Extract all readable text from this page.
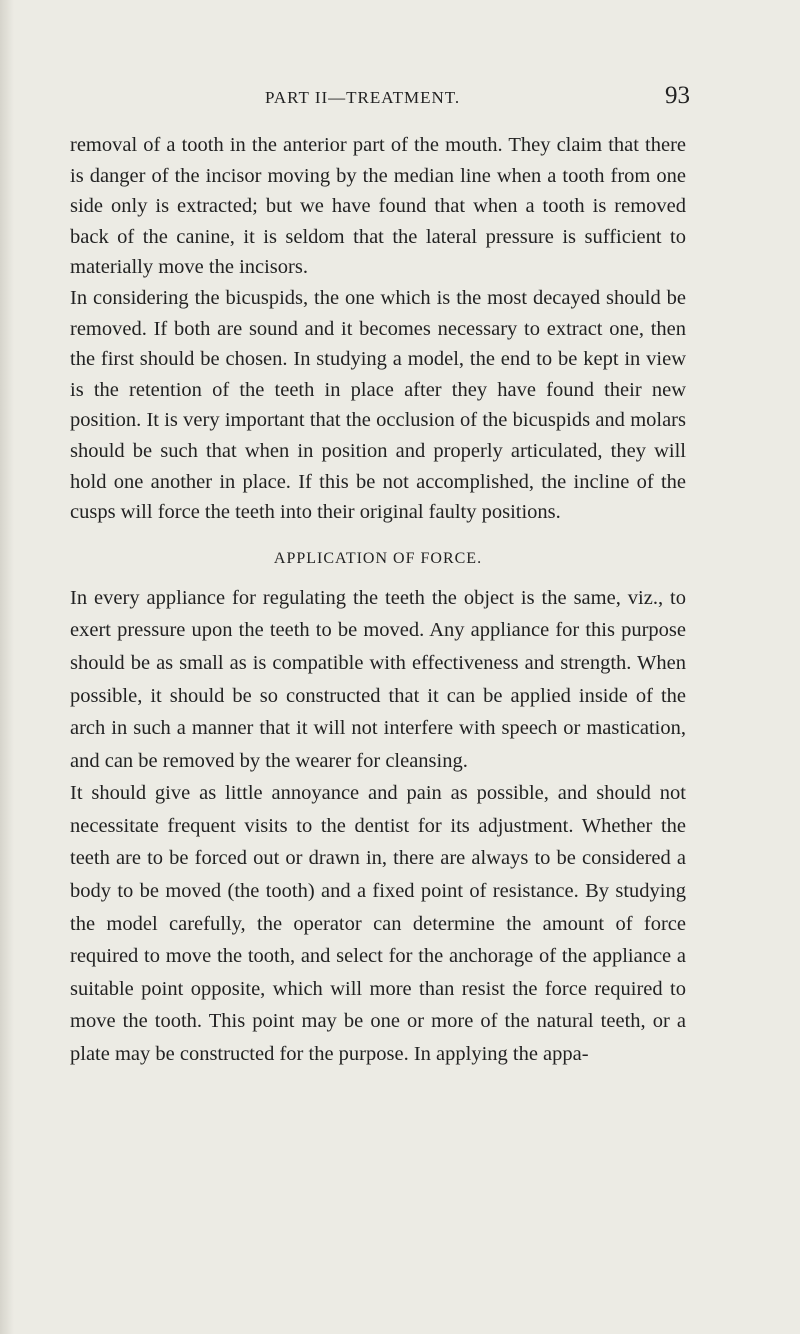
PART II—TREATMENT.	93

removal of a tooth in the anterior part of the mouth. They claim that there is danger of the incisor moving by the median line when a tooth from one side only is extracted; but we have found that when a tooth is removed back of the canine, it is seldom that the lateral pressure is sufficient to materially move the incisors.

In considering the bicuspids, the one which is the most decayed should be removed. If both are sound and it becomes necessary to extract one, then the first should be chosen. In studying a model, the end to be kept in view is the retention of the teeth in place after they have found their new position. It is very important that the occlusion of the bicuspids and molars should be such that when in position and properly articulated, they will hold one another in place. If this be not accomplished, the incline of the cusps will force the teeth into their original faulty positions.

APPLICATION OF FORCE.

In every appliance for regulating the teeth the object is the same, viz., to exert pressure upon the teeth to be moved. Any appliance for this purpose should be as small as is compatible with effectiveness and strength. When possible, it should be so constructed that it can be applied inside of the arch in such a manner that it will not interfere with speech or mastication, and can be removed by the wearer for cleansing.

It should give as little annoyance and pain as possible, and should not necessitate frequent visits to the dentist for its adjustment. Whether the teeth are to be forced out or drawn in, there are always to be considered a body to be moved (the tooth) and a fixed point of resistance. By studying the model carefully, the operator can determine the amount of force required to move the tooth, and select for the anchorage of the appliance a suitable point opposite, which will more than resist the force required to move the tooth. This point may be one or more of the natural teeth, or a plate may be constructed for the purpose. In applying the appa-
